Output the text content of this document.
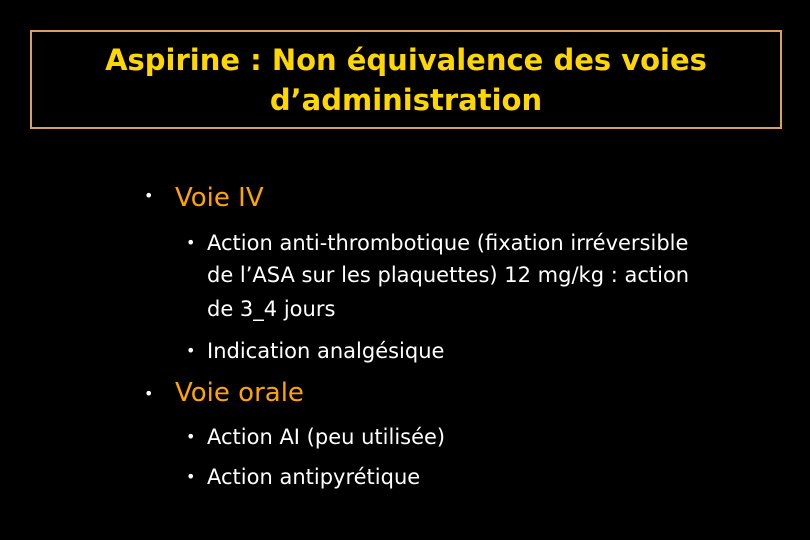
Aspirine : Non équivalence des voies
d’administration
• Voie IV
• Action anti-thrombotique (fixation irréversible
de l’ASA sur les plaquettes) 12 mg/kg : action
de 3_4 jours
• Indication analgésique
• Voie orale
• Action AI (peu utilisée)
• Action antipyrétique
